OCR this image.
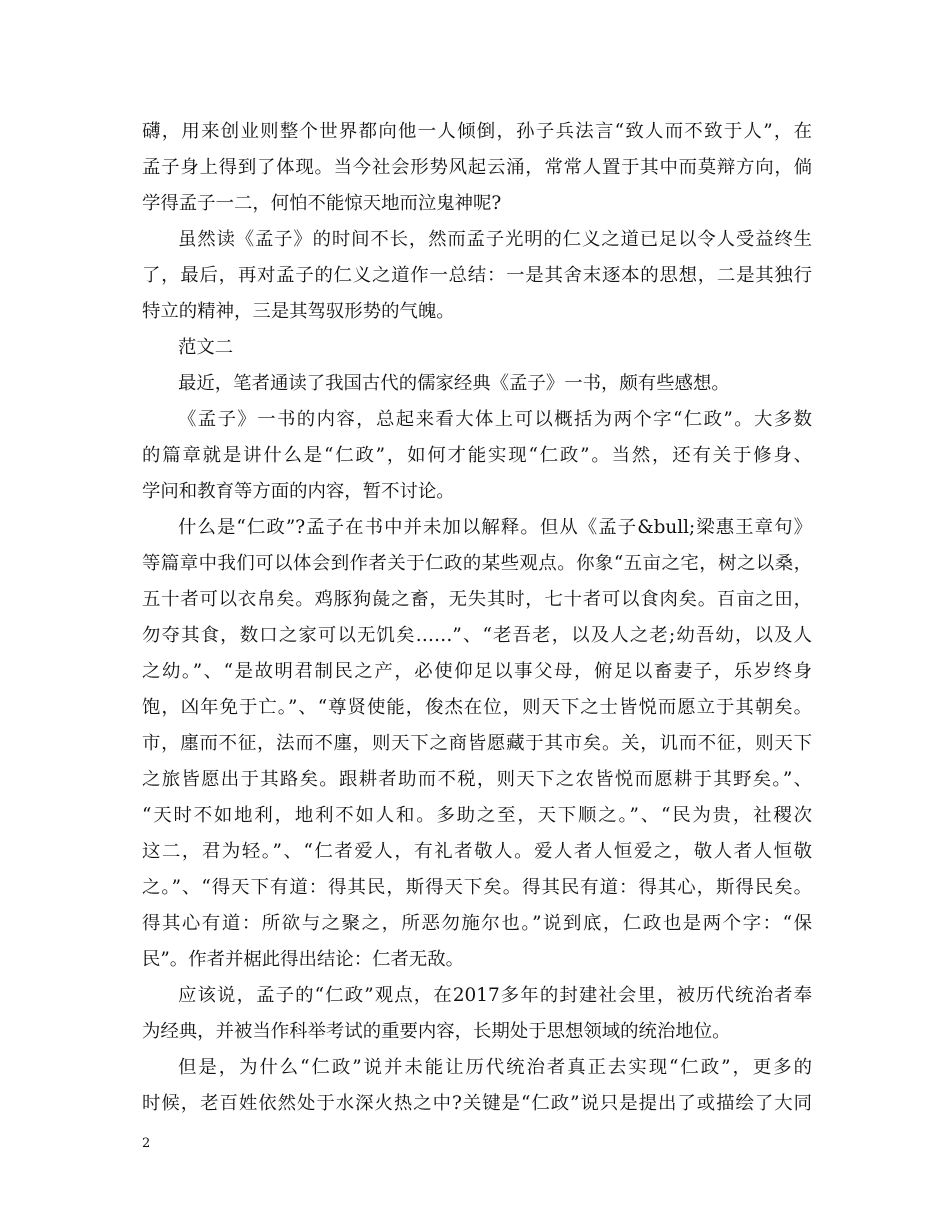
礴，用来创业则整个世界都向他一人倾倒，孙子兵法言“致人而不致于人”，在
孟子身上得到了体现。当今社会形势风起云涌，常常人置于其中而莫辩方向，倘
学得孟子一二，何怕不能惊天地而泣鬼神呢?
虽然读《孟子》的时间不长，然而孟子光明的仁义之道已足以令人受益终生
了，最后，再对孟子的仁义之道作一总结：一是其舍末逐本的思想，二是其独行
特立的精神，三是其驾驭形势的气魄。
范文二
最近，笔者通读了我国古代的儒家经典《孟子》一书，颇有些感想。
《孟子》一书的内容，总起来看大体上可以概括为两个字“仁政”。大多数
的篇章就是讲什么是“仁政”，如何才能实现“仁政”。当然，还有关于修身、
学问和教育等方面的内容，暂不讨论。
什么是“仁政”?孟子在书中并未加以解释。但从《孟子&bull;梁惠王章句》
等篇章中我们可以体会到作者关于仁政的某些观点。你象“五亩之宅，树之以桑，
五十者可以衣帛矣。鸡豚狗彘之畜，无失其时，七十者可以食肉矣。百亩之田，
勿夺其食，数口之家可以无饥矣……”、“老吾老，以及人之老;幼吾幼，以及人
之幼。”、“是故明君制民之产，必使仰足以事父母，俯足以畜妻子，乐岁终身
饱，凶年免于亡。”、“尊贤使能，俊杰在位，则天下之士皆悦而愿立于其朝矣。
市，廛而不征，法而不廛，则天下之商皆愿藏于其市矣。关，讥而不征，则天下
之旅皆愿出于其路矣。跟耕者助而不税，则天下之农皆悦而愿耕于其野矣。”、
“天时不如地利，地利不如人和。多助之至，天下顺之。”、“民为贵，社稷次
这二，君为轻。”、“仁者爱人，有礼者敬人。爱人者人恒爱之，敬人者人恒敬
之。”、“得天下有道：得其民，斯得天下矣。得其民有道：得其心，斯得民矣。
得其心有道：所欲与之聚之，所恶勿施尔也。”说到底，仁政也是两个字：“保
民”。作者并椐此得出结论：仁者无敌。
应该说，孟子的“仁政”观点，在2017多年的封建社会里，被历代统治者奉
为经典，并被当作科举考试的重要内容，长期处于思想领域的统治地位。
但是，为什么“仁政”说并未能让历代统治者真正去实现“仁政”，更多的
时候，老百姓依然处于水深火热之中?关键是“仁政”说只是提出了或描绘了大同
2
